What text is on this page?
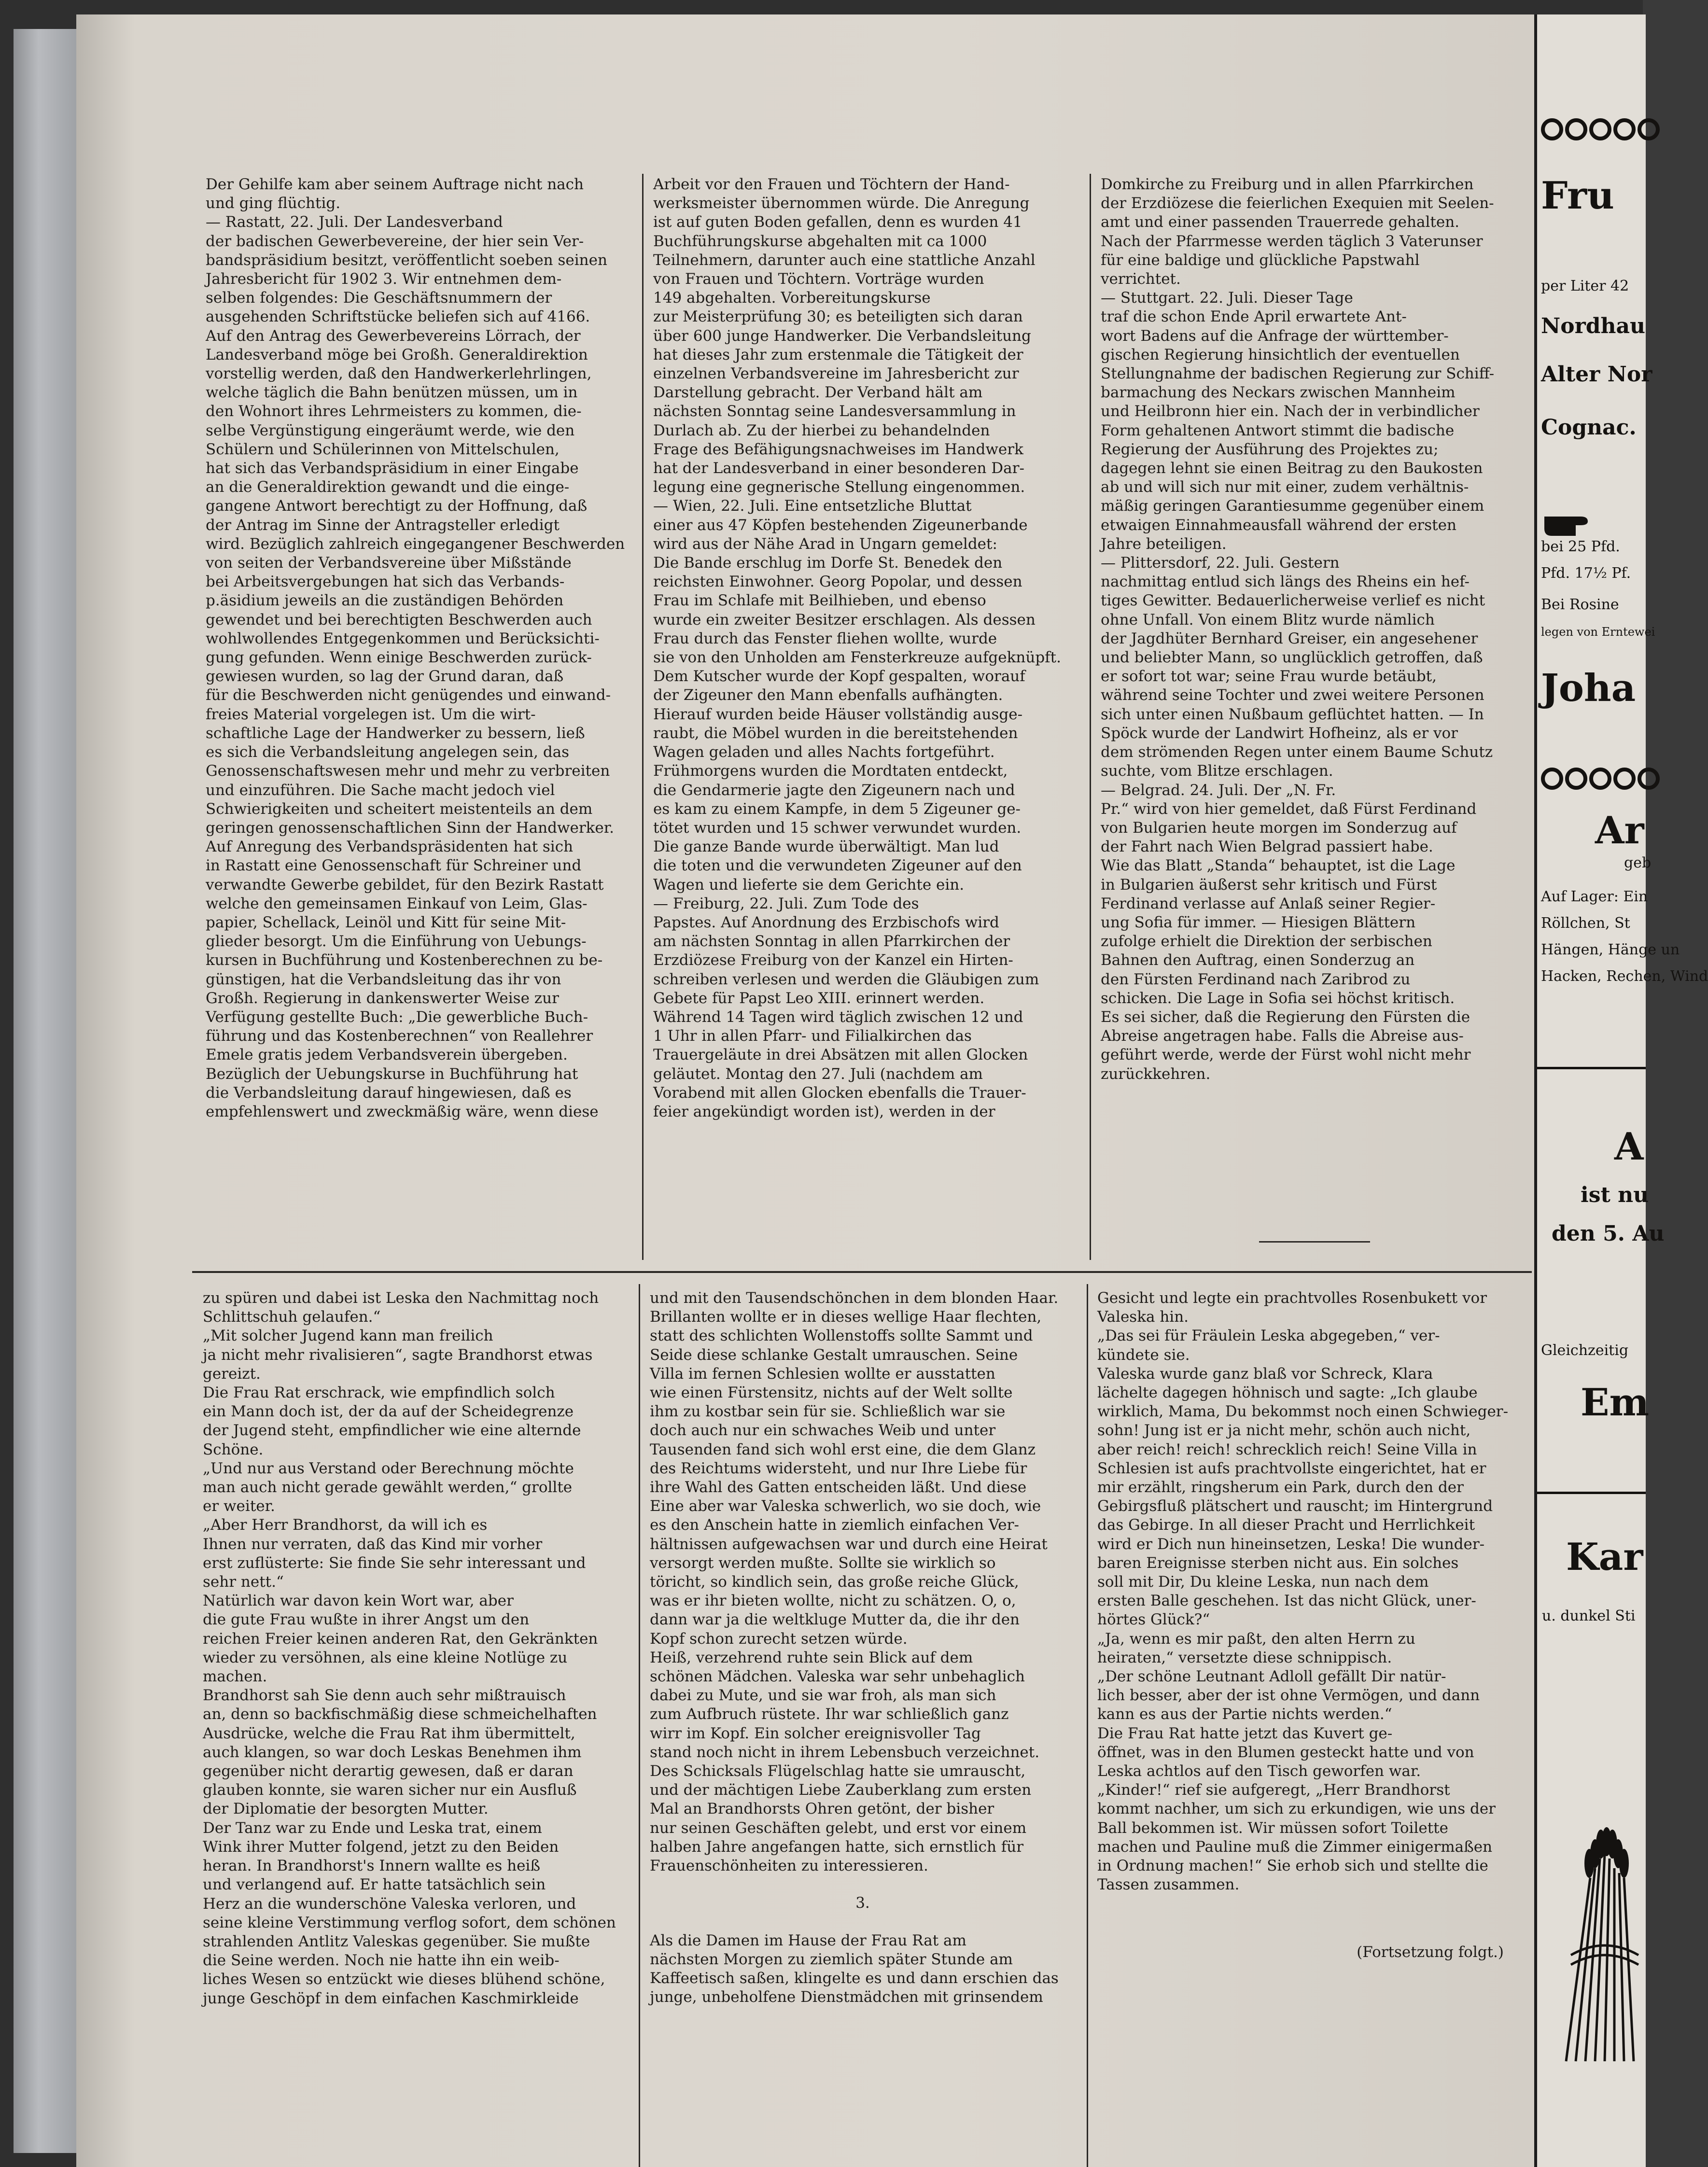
Der Gehilfe kam aber seinem Auftrage nicht nach
und ging flüchtig.
— Rastatt, 22. Juli. Der Landesverband
der badischen Gewerbevereine, der hier sein Ver-
bandspräsidium besitzt, veröffentlicht soeben seinen
Jahresbericht für 1902 3. Wir entnehmen dem-
selben folgendes: Die Geschäftsnummern der
ausgehenden Schriftstücke beliefen sich auf 4166.
Auf den Antrag des Gewerbevereins Lörrach, der
Landesverband möge bei Großh. Generaldirektion
vorstellig werden, daß den Handwerkerlehrlingen,
welche täglich die Bahn benützen müssen, um in
den Wohnort ihres Lehrmeisters zu kommen, die-
selbe Vergünstigung eingeräumt werde, wie den
Schülern und Schülerinnen von Mittelschulen,
hat sich das Verbandspräsidium in einer Eingabe
an die Generaldirektion gewandt und die einge-
gangene Antwort berechtigt zu der Hoffnung, daß
der Antrag im Sinne der Antragsteller erledigt
wird. Bezüglich zahlreich eingegangener Beschwerden
von seiten der Verbandsvereine über Mißstände
bei Arbeitsvergebungen hat sich das Verbands-
p.äsidium jeweils an die zuständigen Behörden
gewendet und bei berechtigten Beschwerden auch
wohlwollendes Entgegenkommen und Berücksichti-
gung gefunden. Wenn einige Beschwerden zurück-
gewiesen wurden, so lag der Grund daran, daß
für die Beschwerden nicht genügendes und einwand-
freies Material vorgelegen ist. Um die wirt-
schaftliche Lage der Handwerker zu bessern, ließ
es sich die Verbandsleitung angelegen sein, das
Genossenschaftswesen mehr und mehr zu verbreiten
und einzuführen. Die Sache macht jedoch viel
Schwierigkeiten und scheitert meistenteils an dem
geringen genossenschaftlichen Sinn der Handwerker.
Auf Anregung des Verbandspräsidenten hat sich
in Rastatt eine Genossenschaft für Schreiner und
verwandte Gewerbe gebildet, für den Bezirk Rastatt
welche den gemeinsamen Einkauf von Leim, Glas-
papier, Schellack, Leinöl und Kitt für seine Mit-
glieder besorgt. Um die Einführung von Uebungs-
kursen in Buchführung und Kostenberechnen zu be-
günstigen, hat die Verbandsleitung das ihr von
Großh. Regierung in dankenswerter Weise zur
Verfügung gestellte Buch: „Die gewerbliche Buch-
führung und das Kostenberechnen“ von Reallehrer
Emele gratis jedem Verbandsverein übergeben.
Bezüglich der Uebungskurse in Buchführung hat
die Verbandsleitung darauf hingewiesen, daß es
empfehlenswert und zweckmäßig wäre, wenn diese

Arbeit vor den Frauen und Töchtern der Hand-
werksmeister übernommen würde. Die Anregung
ist auf guten Boden gefallen, denn es wurden 41
Buchführungskurse abgehalten mit ca 1000
Teilnehmern, darunter auch eine stattliche Anzahl
von Frauen und Töchtern. Vorträge wurden
149 abgehalten. Vorbereitungskurse
zur Meisterprüfung 30; es beteiligten sich daran
über 600 junge Handwerker. Die Verbandsleitung
hat dieses Jahr zum erstenmale die Tätigkeit der
einzelnen Verbandsvereine im Jahresbericht zur
Darstellung gebracht. Der Verband hält am
nächsten Sonntag seine Landesversammlung in
Durlach ab. Zu der hierbei zu behandelnden
Frage des Befähigungsnachweises im Handwerk
hat der Landesverband in einer besonderen Dar-
legung eine gegnerische Stellung eingenommen.
— Wien, 22. Juli. Eine entsetzliche Bluttat
einer aus 47 Köpfen bestehenden Zigeunerbande
wird aus der Nähe Arad in Ungarn gemeldet:
Die Bande erschlug im Dorfe St. Benedek den
reichsten Einwohner. Georg Popolar, und dessen
Frau im Schlafe mit Beilhieben, und ebenso
wurde ein zweiter Besitzer erschlagen. Als dessen
Frau durch das Fenster fliehen wollte, wurde
sie von den Unholden am Fensterkreuze aufgeknüpft.
Dem Kutscher wurde der Kopf gespalten, worauf
der Zigeuner den Mann ebenfalls aufhängten.
Hierauf wurden beide Häuser vollständig ausge-
raubt, die Möbel wurden in die bereitstehenden
Wagen geladen und alles Nachts fortgeführt.
Frühmorgens wurden die Mordtaten entdeckt,
die Gendarmerie jagte den Zigeunern nach und
es kam zu einem Kampfe, in dem 5 Zigeuner ge-
tötet wurden und 15 schwer verwundet wurden.
Die ganze Bande wurde überwältigt. Man lud
die toten und die verwundeten Zigeuner auf den
Wagen und lieferte sie dem Gerichte ein.
— Freiburg, 22. Juli. Zum Tode des
Papstes. Auf Anordnung des Erzbischofs wird
am nächsten Sonntag in allen Pfarrkirchen der
Erzdiözese Freiburg von der Kanzel ein Hirten-
schreiben verlesen und werden die Gläubigen zum
Gebete für Papst Leo XIII. erinnert werden.
Während 14 Tagen wird täglich zwischen 12 und
1 Uhr in allen Pfarr- und Filialkirchen das
Trauergeläute in drei Absätzen mit allen Glocken
geläutet. Montag den 27. Juli (nachdem am
Vorabend mit allen Glocken ebenfalls die Trauer-
feier angekündigt worden ist), werden in der

Domkirche zu Freiburg und in allen Pfarrkirchen
der Erzdiözese die feierlichen Exequien mit Seelen-
amt und einer passenden Trauerrede gehalten.
Nach der Pfarrmesse werden täglich 3 Vaterunser
für eine baldige und glückliche Papstwahl
verrichtet.
— Stuttgart. 22. Juli. Dieser Tage
traf die schon Ende April erwartete Ant-
wort Badens auf die Anfrage der württember-
gischen Regierung hinsichtlich der eventuellen
Stellungnahme der badischen Regierung zur Schiff-
barmachung des Neckars zwischen Mannheim
und Heilbronn hier ein. Nach der in verbindlicher
Form gehaltenen Antwort stimmt die badische
Regierung der Ausführung des Projektes zu;
dagegen lehnt sie einen Beitrag zu den Baukosten
ab und will sich nur mit einer, zudem verhältnis-
mäßig geringen Garantiesumme gegenüber einem
etwaigen Einnahmeausfall während der ersten
Jahre beteiligen.
— Plittersdorf, 22. Juli. Gestern
nachmittag entlud sich längs des Rheins ein hef-
tiges Gewitter. Bedauerlicherweise verlief es nicht
ohne Unfall. Von einem Blitz wurde nämlich
der Jagdhüter Bernhard Greiser, ein angesehener
und beliebter Mann, so unglücklich getroffen, daß
er sofort tot war; seine Frau wurde betäubt,
während seine Tochter und zwei weitere Personen
sich unter einen Nußbaum geflüchtet hatten. — In
Spöck wurde der Landwirt Hofheinz, als er vor
dem strömenden Regen unter einem Baume Schutz
suchte, vom Blitze erschlagen.
— Belgrad. 24. Juli. Der „N. Fr.
Pr.“ wird von hier gemeldet, daß Fürst Ferdinand
von Bulgarien heute morgen im Sonderzug auf
der Fahrt nach Wien Belgrad passiert habe.
Wie das Blatt „Standa“ behauptet, ist die Lage
in Bulgarien äußerst sehr kritisch und Fürst
Ferdinand verlasse auf Anlaß seiner Regier-
ung Sofia für immer. — Hiesigen Blättern
zufolge erhielt die Direktion der serbischen
Bahnen den Auftrag, einen Sonderzug an
den Fürsten Ferdinand nach Zaribrod zu
schicken. Die Lage in Sofia sei höchst kritisch.
Es sei sicher, daß die Regierung den Fürsten die
Abreise angetragen habe. Falls die Abreise aus-
geführt werde, werde der Fürst wohl nicht mehr
zurückkehren.

zu spüren und dabei ist Leska den Nachmittag noch
Schlittschuh gelaufen.“
„Mit solcher Jugend kann man freilich
ja nicht mehr rivalisieren“, sagte Brandhorst etwas
gereizt.
Die Frau Rat erschrack, wie empfindlich solch
ein Mann doch ist, der da auf der Scheidegrenze
der Jugend steht, empfindlicher wie eine alternde
Schöne.
„Und nur aus Verstand oder Berechnung möchte
man auch nicht gerade gewählt werden,“ grollte
er weiter.
„Aber Herr Brandhorst, da will ich es
Ihnen nur verraten, daß das Kind mir vorher
erst zuflüsterte: Sie finde Sie sehr interessant und
sehr nett.“
Natürlich war davon kein Wort war, aber
die gute Frau wußte in ihrer Angst um den
reichen Freier keinen anderen Rat, den Gekränkten
wieder zu versöhnen, als eine kleine Notlüge zu
machen.
Brandhorst sah Sie denn auch sehr mißtrauisch
an, denn so backfischmäßig diese schmeichelhaften
Ausdrücke, welche die Frau Rat ihm übermittelt,
auch klangen, so war doch Leskas Benehmen ihm
gegenüber nicht derartig gewesen, daß er daran
glauben konnte, sie waren sicher nur ein Ausfluß
der Diplomatie der besorgten Mutter.
Der Tanz war zu Ende und Leska trat, einem
Wink ihrer Mutter folgend, jetzt zu den Beiden
heran. In Brandhorst's Innern wallte es heiß
und verlangend auf. Er hatte tatsächlich sein
Herz an die wunderschöne Valeska verloren, und
seine kleine Verstimmung verflog sofort, dem schönen
strahlenden Antlitz Valeskas gegenüber. Sie mußte
die Seine werden. Noch nie hatte ihn ein weib-
liches Wesen so entzückt wie dieses blühend schöne,
junge Geschöpf in dem einfachen Kaschmirkleide

und mit den Tausendschönchen in dem blonden Haar.
Brillanten wollte er in dieses wellige Haar flechten,
statt des schlichten Wollenstoffs sollte Sammt und
Seide diese schlanke Gestalt umrauschen. Seine
Villa im fernen Schlesien wollte er ausstatten
wie einen Fürstensitz, nichts auf der Welt sollte
ihm zu kostbar sein für sie. Schließlich war sie
doch auch nur ein schwaches Weib und unter
Tausenden fand sich wohl erst eine, die dem Glanz
des Reichtums widersteht, und nur Ihre Liebe für
ihre Wahl des Gatten entscheiden läßt. Und diese
Eine aber war Valeska schwerlich, wo sie doch, wie
es den Anschein hatte in ziemlich einfachen Ver-
hältnissen aufgewachsen war und durch eine Heirat
versorgt werden mußte. Sollte sie wirklich so
töricht, so kindlich sein, das große reiche Glück,
was er ihr bieten wollte, nicht zu schätzen. O, o,
dann war ja die weltkluge Mutter da, die ihr den
Kopf schon zurecht setzen würde.
Heiß, verzehrend ruhte sein Blick auf dem
schönen Mädchen. Valeska war sehr unbehaglich
dabei zu Mute, und sie war froh, als man sich
zum Aufbruch rüstete. Ihr war schließlich ganz
wirr im Kopf. Ein solcher ereignisvoller Tag
stand noch nicht in ihrem Lebensbuch verzeichnet.
Des Schicksals Flügelschlag hatte sie umrauscht,
und der mächtigen Liebe Zauberklang zum ersten
Mal an Brandhorsts Ohren getönt, der bisher
nur seinen Geschäften gelebt, und erst vor einem
halben Jahre angefangen hatte, sich ernstlich für
Frauenschönheiten zu interessieren.

3.

Als die Damen im Hause der Frau Rat am
nächsten Morgen zu ziemlich später Stunde am
Kaffeetisch saßen, klingelte es und dann erschien das
junge, unbeholfene Dienstmädchen mit grinsendem

Gesicht und legte ein prachtvolles Rosenbukett vor
Valeska hin.
„Das sei für Fräulein Leska abgegeben,“ ver-
kündete sie.
Valeska wurde ganz blaß vor Schreck, Klara
lächelte dagegen höhnisch und sagte: „Ich glaube
wirklich, Mama, Du bekommst noch einen Schwieger-
sohn! Jung ist er ja nicht mehr, schön auch nicht,
aber reich! reich! schrecklich reich! Seine Villa in
Schlesien ist aufs prachtvollste eingerichtet, hat er
mir erzählt, ringsherum ein Park, durch den der
Gebirgsfluß plätschert und rauscht; im Hintergrund
das Gebirge. In all dieser Pracht und Herrlichkeit
wird er Dich nun hineinsetzen, Leska! Die wunder-
baren Ereignisse sterben nicht aus. Ein solches
soll mit Dir, Du kleine Leska, nun nach dem
ersten Balle geschehen. Ist das nicht Glück, uner-
hörtes Glück?“
„Ja, wenn es mir paßt, den alten Herrn zu
heiraten,“ versetzte diese schnippisch.
„Der schöne Leutnant Adloll gefällt Dir natür-
lich besser, aber der ist ohne Vermögen, und dann
kann es aus der Partie nichts werden.“
Die Frau Rat hatte jetzt das Kuvert ge-
öffnet, was in den Blumen gesteckt hatte und von
Leska achtlos auf den Tisch geworfen war.
„Kinder!“ rief sie aufgeregt, „Herr Brandhorst
kommt nachher, um sich zu erkundigen, wie uns der
Ball bekommen ist. Wir müssen sofort Toilette
machen und Pauline muß die Zimmer einigermaßen
in Ordnung machen!“ Sie erhob sich und stellte die
Tassen zusammen.

(Fortsetzung folgt.)
Fru
per Liter 42
Nordhau
Alter Nor
Cognac.
bei 25 Pfd.
Pfd. 17½ Pf.
Bei Rosine
legen von Erntewei
Joha
Ar
geb
Auf Lager: Ein
Röllchen, St
Hängen, Hänge un
Hacken, Rechen, Wind
A
ist nu
den 5. Au
Gleichzeitig
Em
Kar
u. dunkel Sti
